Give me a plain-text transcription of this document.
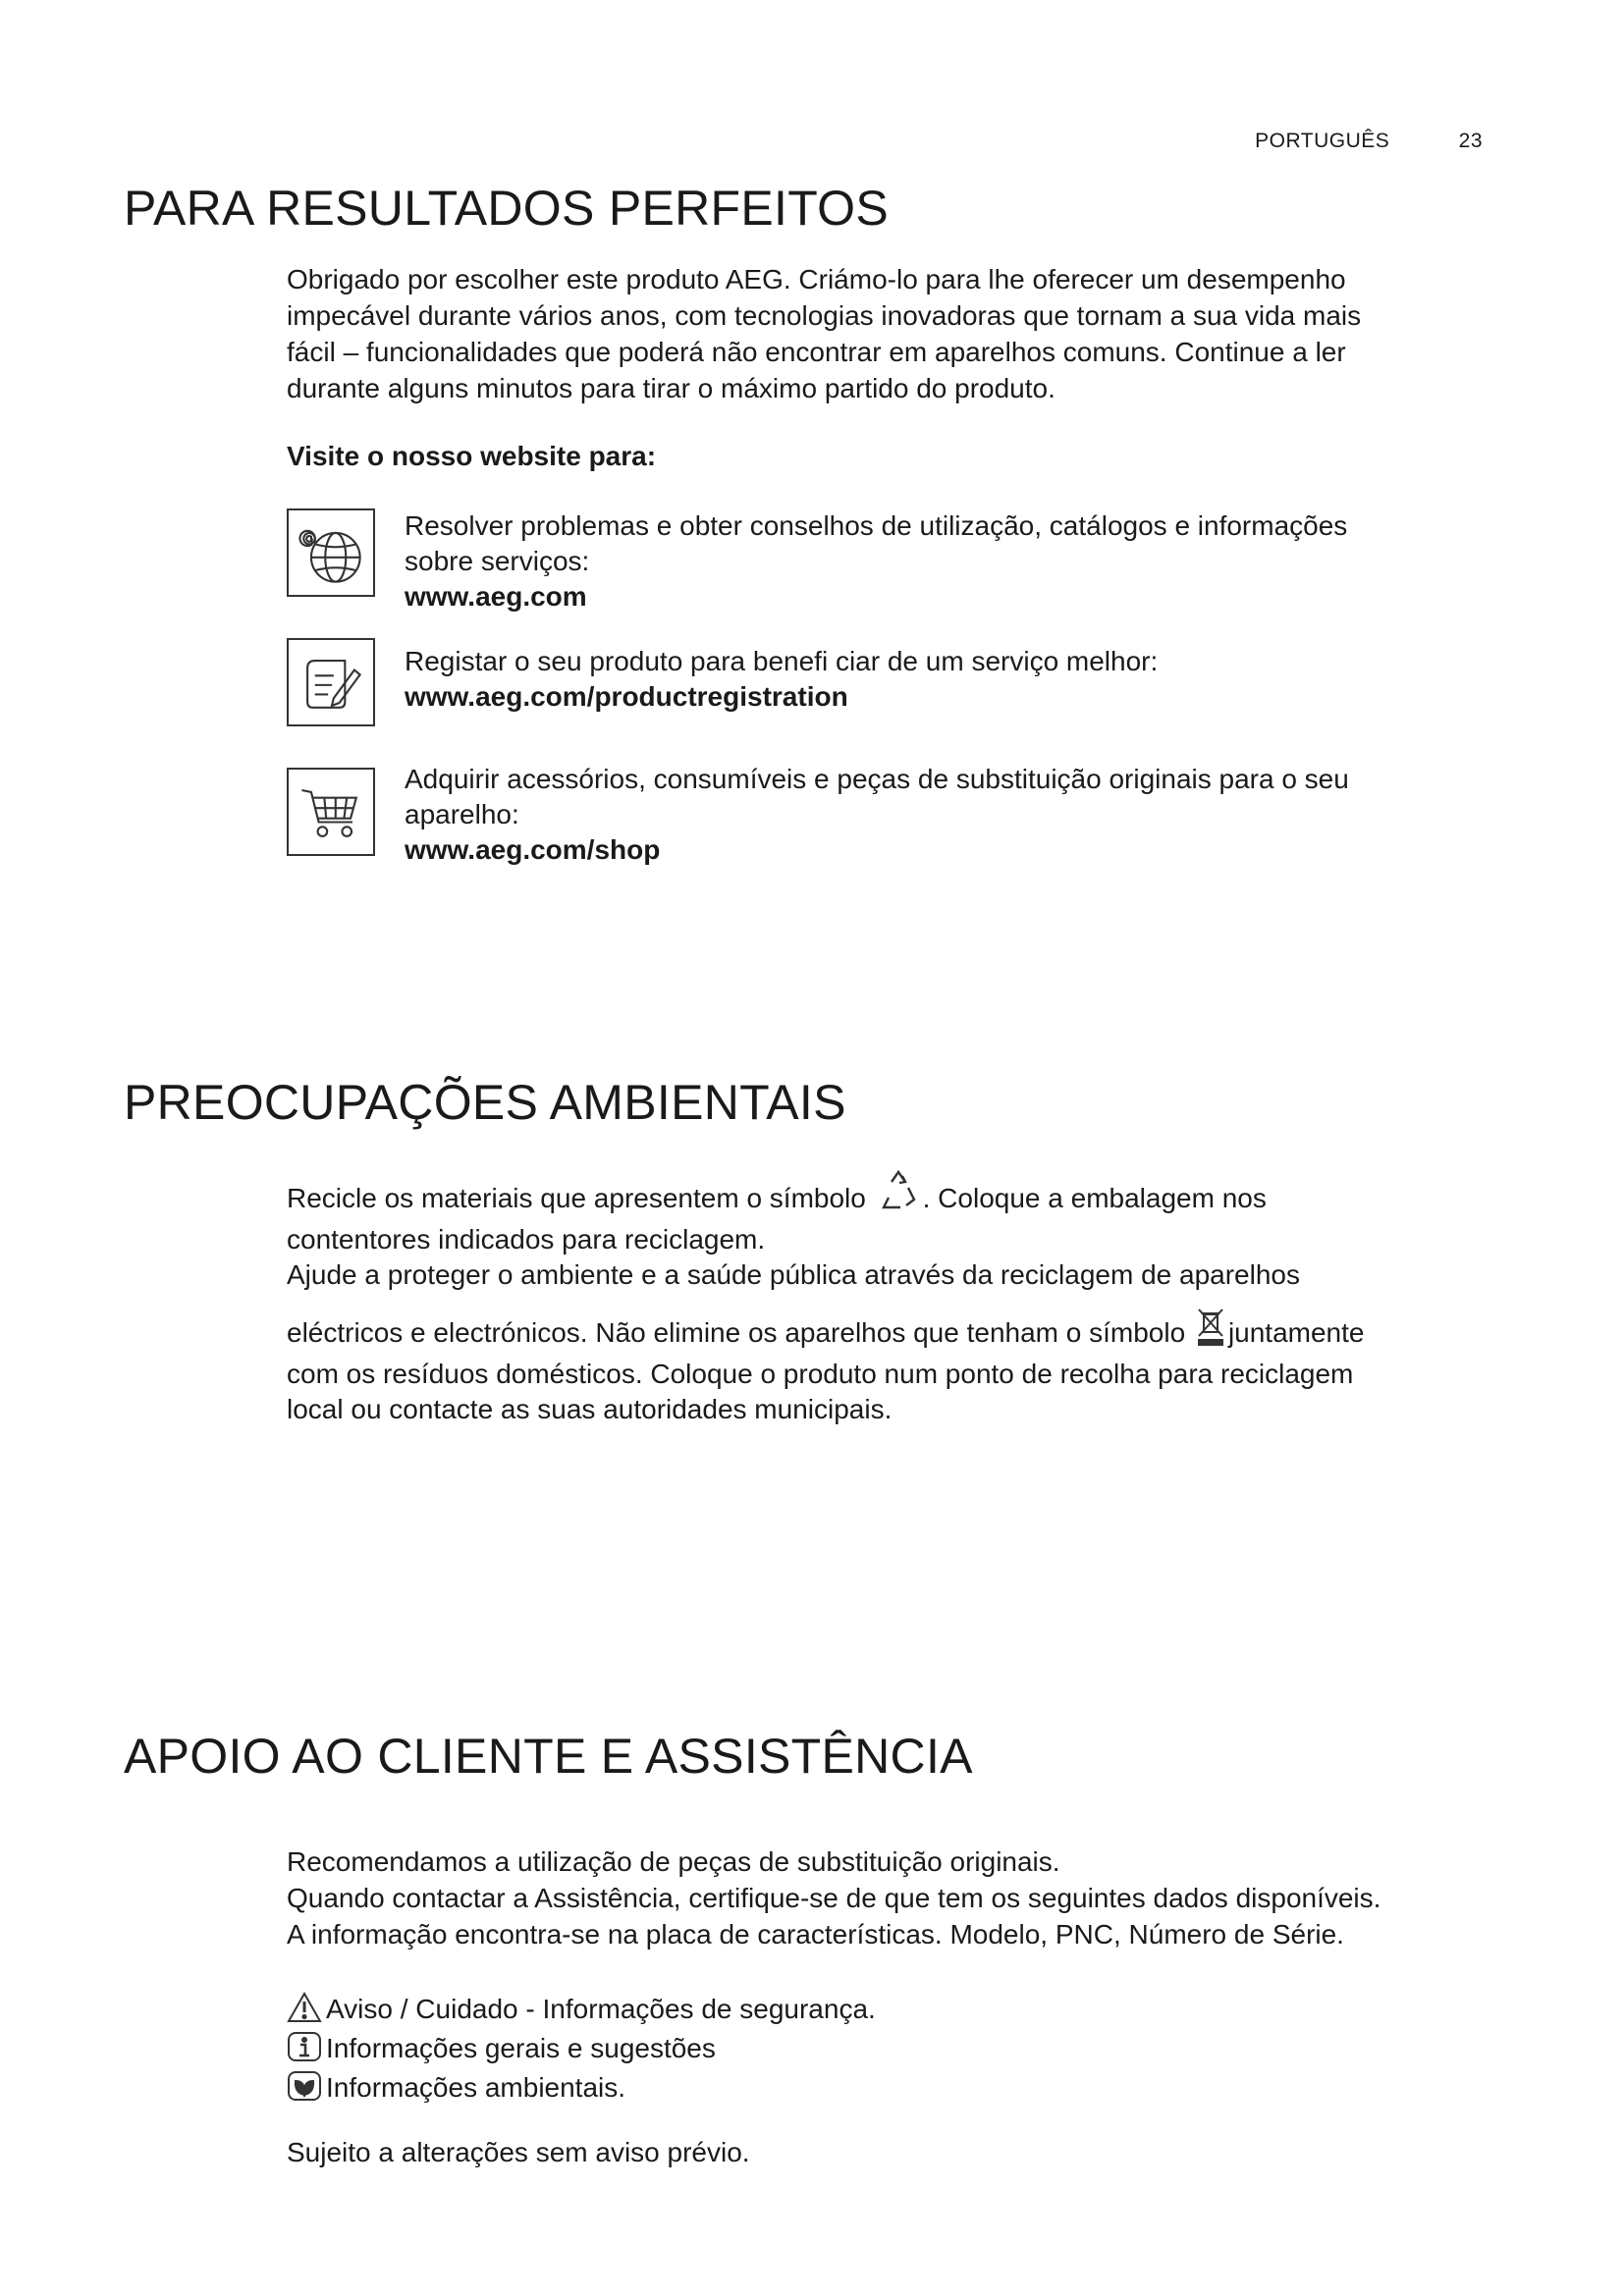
PORTUGUÊS	23
PARA RESULTADOS PERFEITOS

Obrigado por escolher este produto AEG. Criámo-lo para lhe oferecer um desempenho

impecável durante vários anos, com tecnologias inovadoras que tornam a sua vida mais

fácil – funcionalidades que poderá não encontrar em aparelhos comuns. Continue a ler

durante alguns minutos para tirar o máximo partido do produto.

Visite o nosso website para:
Resolver problemas e obter conselhos de utilização, catálogos e informações
sobre serviços:
www.aeg.com
Registar o seu produto para benefi ciar de um serviço melhor:
www.aeg.com/productregistration
Adquirir acessórios, consumíveis e peças de substituição originais para o seu
aparelho:
www.aeg.com/shop
PREOCUPAÇÕES AMBIENTAIS

Recicle os materiais que apresentem o símbolo . Coloque a embalagem nos

contentores indicados para reciclagem.

Ajude a proteger o ambiente e a saúde pública através da reciclagem de aparelhos

eléctricos e electrónicos. Não elimine os aparelhos que tenham o símbolo juntamente

com os resíduos domésticos. Coloque o produto num ponto de recolha para reciclagem

local ou contacte as suas autoridades municipais.

APOIO AO CLIENTE E ASSISTÊNCIA

Recomendamos a utilização de peças de substituição originais.

Quando contactar a Assistência, certifique-se de que tem os seguintes dados disponíveis.

A informação encontra-se na placa de características. Modelo, PNC, Número de Série.

Aviso / Cuidado - Informações de segurança.
Informações gerais e sugestões
Informações ambientais.
Sujeito a alterações sem aviso prévio.
